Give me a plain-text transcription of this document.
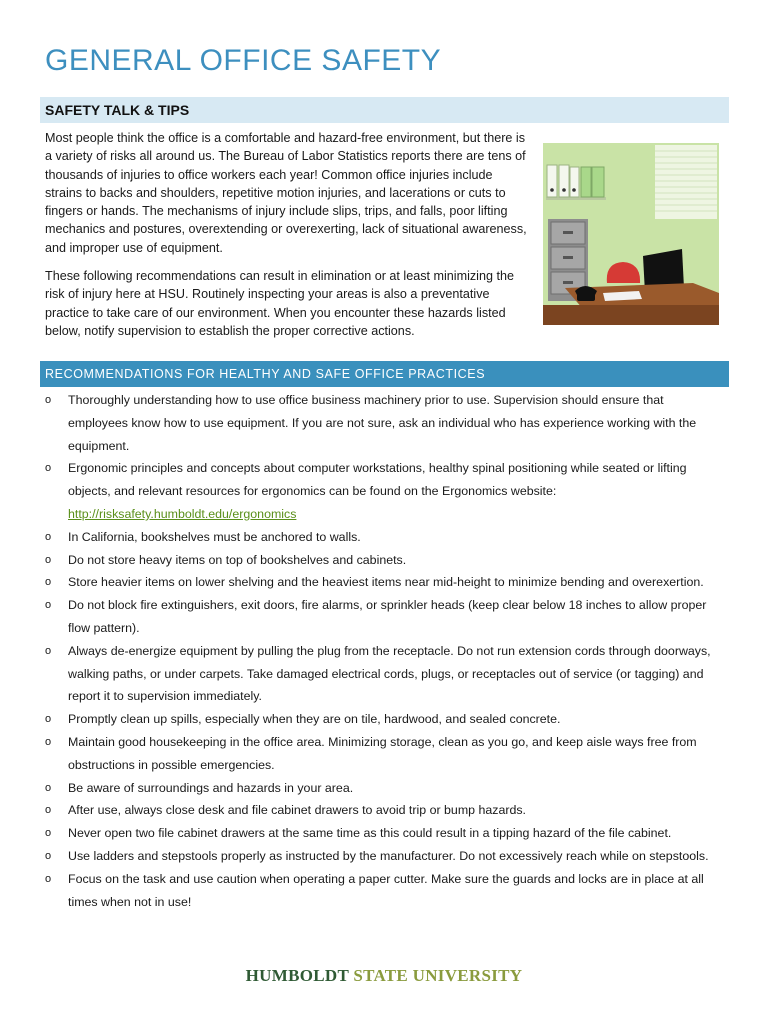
GENERAL OFFICE SAFETY
SAFETY TALK & TIPS

Most people think the office is a comfortable and hazard-free environment, but there is a variety of risks all around us. The Bureau of Labor Statistics reports there are tens of thousands of injuries to office workers each year! Common office injuries include strains to backs and shoulders, repetitive motion injuries, and lacerations or cuts to fingers or hands. The mechanisms of injury include slips, trips, and falls, poor lifting mechanics and postures, overextending or overexerting, lack of situational awareness, and improper use of equipment.

These following recommendations can result in elimination or at least minimizing the risk of injury here at HSU. Routinely inspecting your areas is also a preventative practice to take care of our environment. When you encounter these hazards listed below, notify supervision to establish the proper corrective actions.

RECOMMENDATIONS FOR HEALTHY AND SAFE OFFICE PRACTICES
o Thoroughly understanding how to use office business machinery prior to use. Supervision should ensure that employees know how to use equipment. If you are not sure, ask an individual who has experience working with the equipment.
o Ergonomic principles and concepts about computer workstations, healthy spinal positioning while seated or lifting objects, and relevant resources for ergonomics can be found on the Ergonomics website:
http://risksafety.humboldt.edu/ergonomics
o In California, bookshelves must be anchored to walls.
o Do not store heavy items on top of bookshelves and cabinets.
o Store heavier items on lower shelving and the heaviest items near mid-height to minimize bending and overexertion.
o Do not block fire extinguishers, exit doors, fire alarms, or sprinkler heads (keep clear below 18 inches to allow proper flow pattern).
o Always de-energize equipment by pulling the plug from the receptacle. Do not run extension cords through doorways, walking paths, or under carpets. Take damaged electrical cords, plugs, or receptacles out of service (or tagging) and report it to supervision immediately.
o Promptly clean up spills, especially when they are on tile, hardwood, and sealed concrete.
o Maintain good housekeeping in the office area. Minimizing storage, clean as you go, and keep aisle ways free from obstructions in possible emergencies.
o Be aware of surroundings and hazards in your area.
o After use, always close desk and file cabinet drawers to avoid trip or bump hazards.
o Never open two file cabinet drawers at the same time as this could result in a tipping hazard of the file cabinet.
o Use ladders and stepstools properly as instructed by the manufacturer. Do not excessively reach while on stepstools.
o Focus on the task and use caution when operating a paper cutter. Make sure the guards and locks are in place at all times when not in use!
HUMBOLDT STATE UNIVERSITY
